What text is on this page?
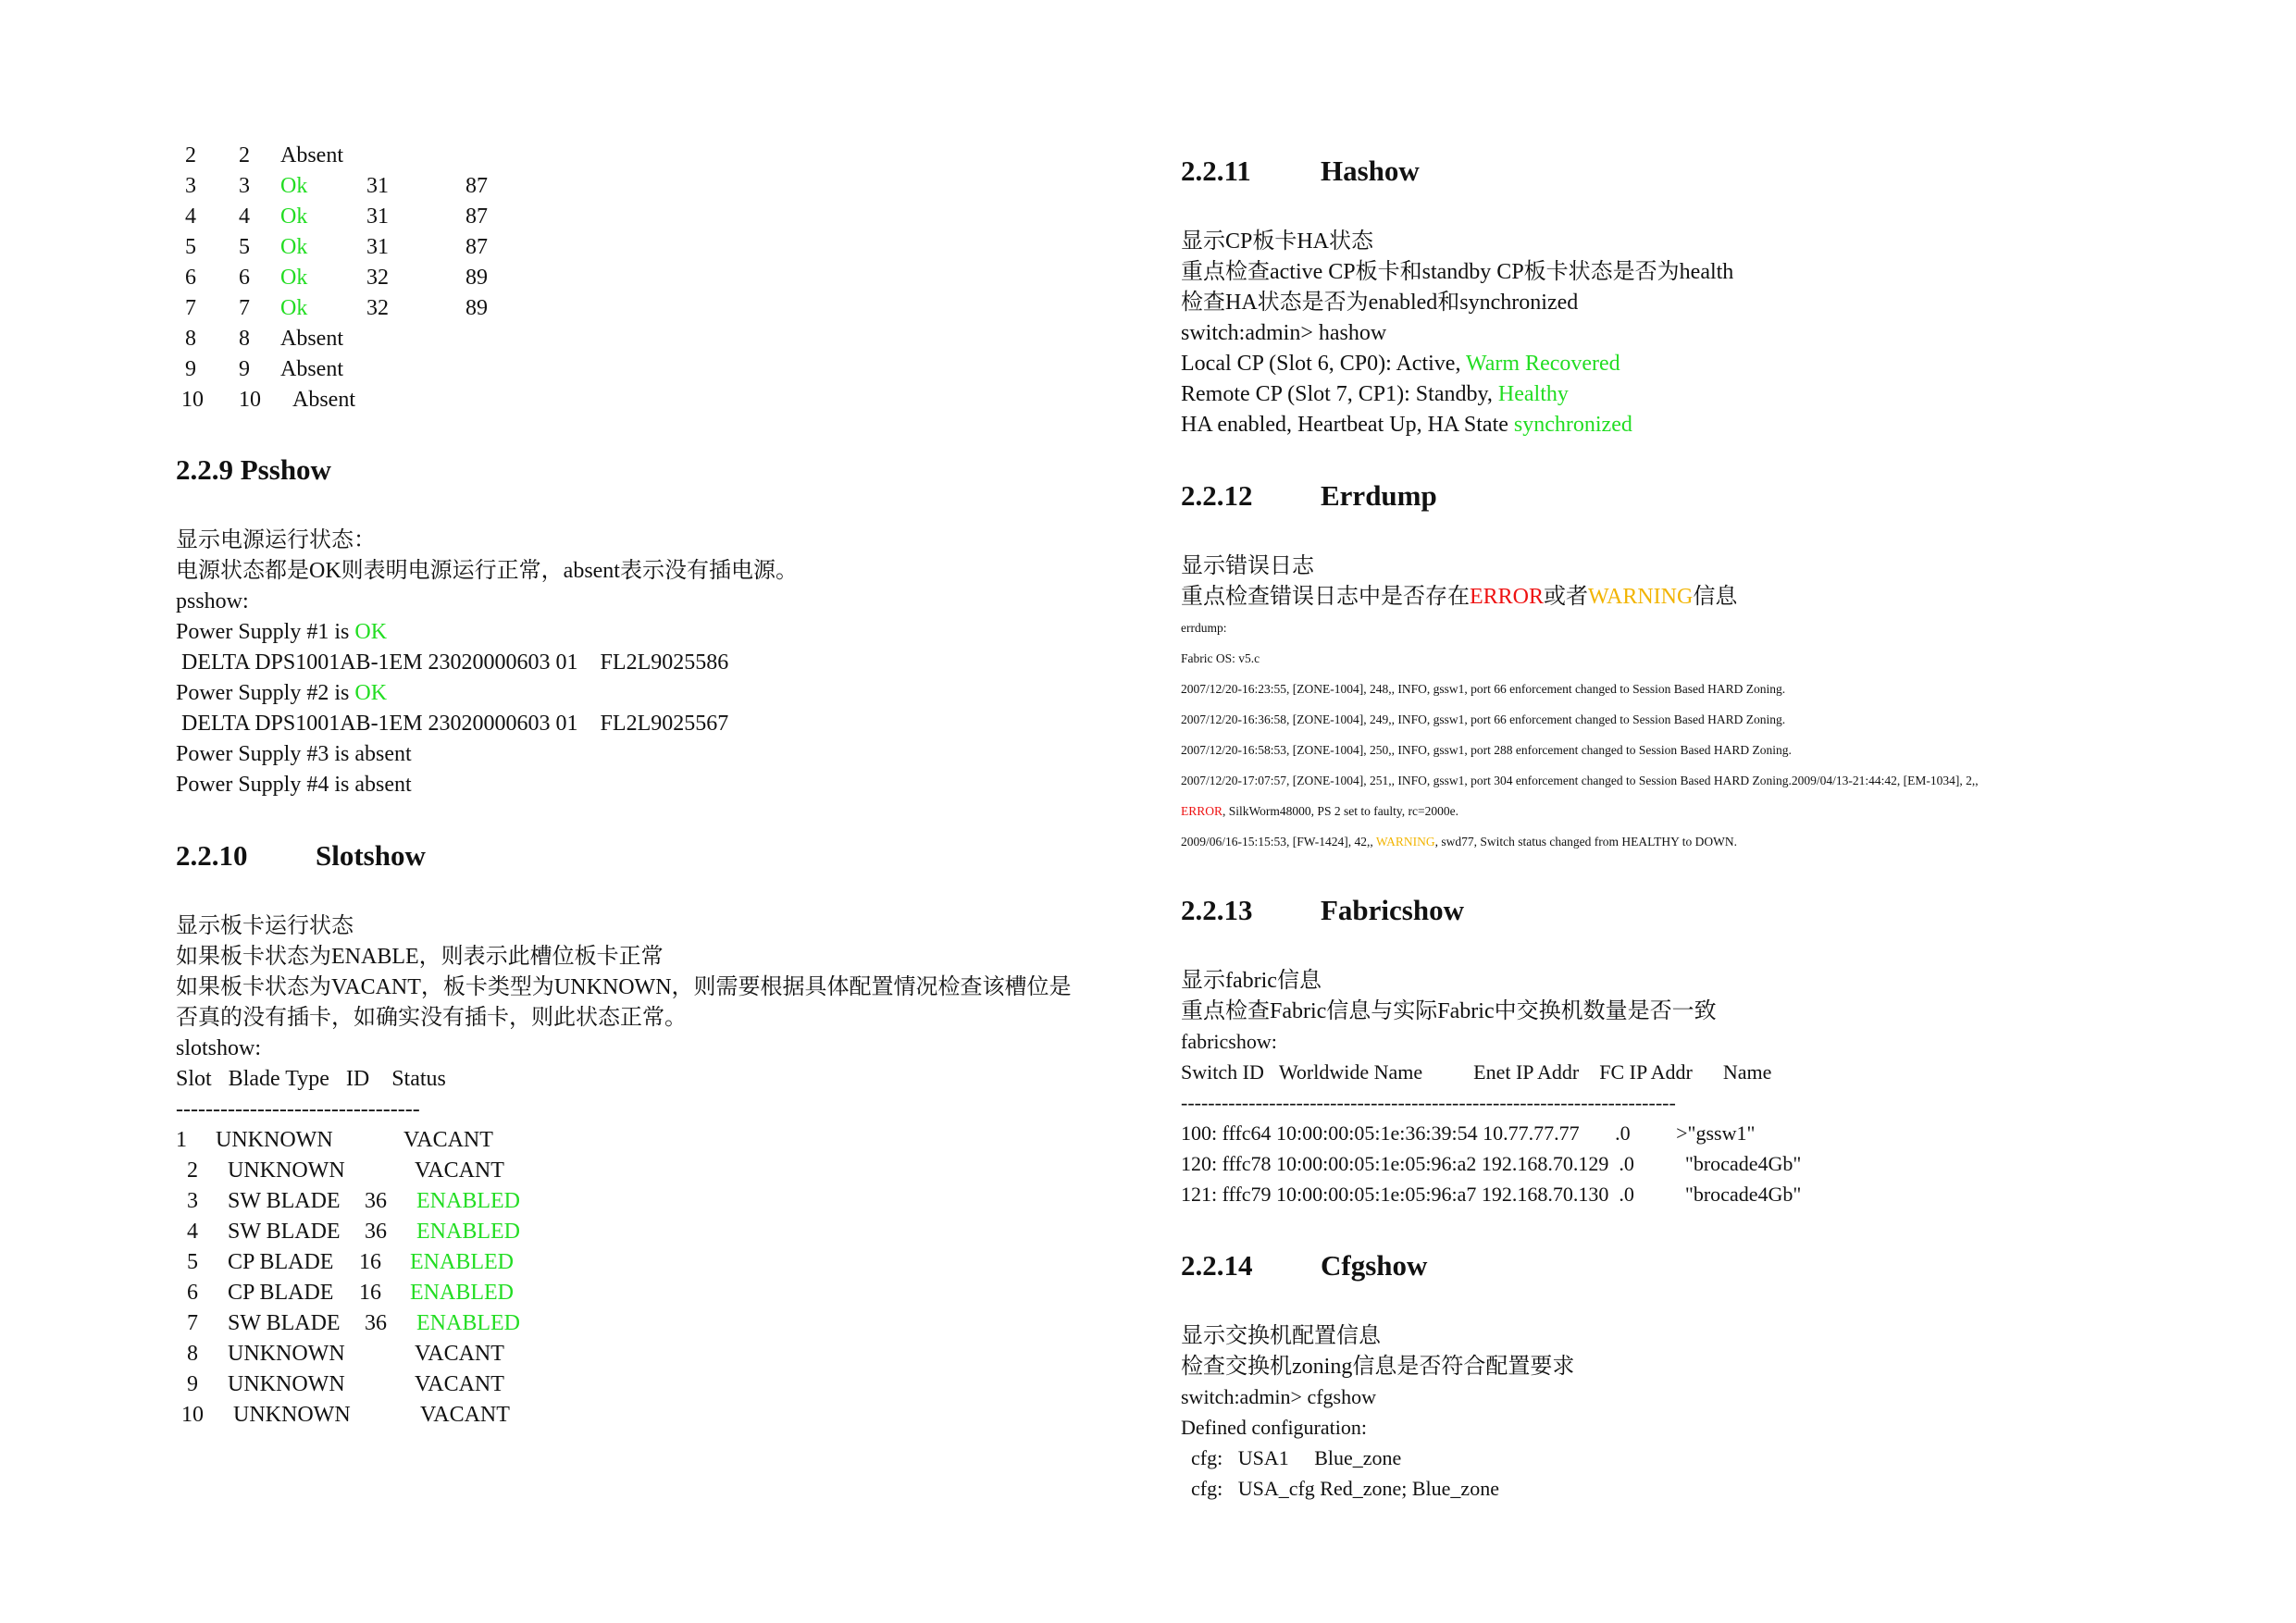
2 2 Absent
3 3 Ok	31	87
4 4 Ok	31	87
5 5 Ok	31	87
6 6 Ok	32	89
7 7 Ok	32	89
8 8 Absent
9 9 Absent
10 10 Absent
2.2.9 Psshow
显示电源运行状态：
电源状态都是OK则表明电源运行正常，absent表示没有插电源。
psshow:
Power Supply #1 is OK
DELTA DPS1001AB-1EM 23020000603 01    FL2L9025586
Power Supply #2 is OK
DELTA DPS1001AB-1EM 23020000603 01    FL2L9025567
Power Supply #3 is absent
Power Supply #4 is absent
2.2.10 Slotshow
显示板卡运行状态
如果板卡状态为ENABLE，则表示此槽位板卡正常
如果板卡状态为VACANT，板卡类型为UNKNOWN，则需要根据具体配置情况检查该槽位是
否真的没有插卡，如确实没有插卡，则此状态正常。
slotshow:
Slot   Blade Type   ID    Status
---------------------------------
1 UNKNOWN	VACANT
2 UNKNOWN	VACANT
3 SW BLADE 36 ENABLED
4 SW BLADE 36 ENABLED
5 CP BLADE 16 ENABLED
6 CP BLADE 16 ENABLED
7 SW BLADE 36 ENABLED
8 UNKNOWN	VACANT
9 UNKNOWN	VACANT
10 UNKNOWN	VACANT
2.2.11 Hashow
显示CP板卡HA状态
重点检查active CP板卡和standby CP板卡状态是否为health
检查HA状态是否为enabled和synchronized
switch:admin> hashow
Local CP (Slot 6, CP0): Active, Warm Recovered
Remote CP (Slot 7, CP1): Standby, Healthy
HA enabled, Heartbeat Up, HA State synchronized
2.2.12 Errdump
显示错误日志
重点检查错误日志中是否存在ERROR或者WARNING信息
errdump:
Fabric OS: v5.c
2007/12/20-16:23:55, [ZONE-1004], 248,, INFO, gssw1, port 66 enforcement changed to Session Based HARD Zoning.
2007/12/20-16:36:58, [ZONE-1004], 249,, INFO, gssw1, port 66 enforcement changed to Session Based HARD Zoning.
2007/12/20-16:58:53, [ZONE-1004], 250,, INFO, gssw1, port 288 enforcement changed to Session Based HARD Zoning.
2007/12/20-17:07:57, [ZONE-1004], 251,, INFO, gssw1, port 304 enforcement changed to Session Based HARD Zoning.2009/04/13-21:44:42, [EM-1034], 2,,
ERROR, SilkWorm48000, PS 2 set to faulty, rc=2000e.
2009/06/16-15:15:53, [FW-1424], 42,, WARNING, swd77, Switch status changed from HEALTHY to DOWN.
2.2.13 Fabricshow
显示fabric信息
重点检查Fabric信息与实际Fabric中交换机数量是否一致
fabricshow:
Switch ID   Worldwide Name          Enet IP Addr    FC IP Addr      Name
-------------------------------------------------------------------------
100: fffc64 10:00:00:05:1e:36:39:54 10.77.77.77       .0         >"gssw1"
120: fffc78 10:00:00:05:1e:05:96:a2 192.168.70.129  .0          "brocade4Gb"
121: fffc79 10:00:00:05:1e:05:96:a7 192.168.70.130  .0          "brocade4Gb"
2.2.14 Cfgshow
显示交换机配置信息
检查交换机zoning信息是否符合配置要求
switch:admin> cfgshow
Defined configuration:
cfg:   USA1     Blue_zone
cfg:   USA_cfg Red_zone; Blue_zone
